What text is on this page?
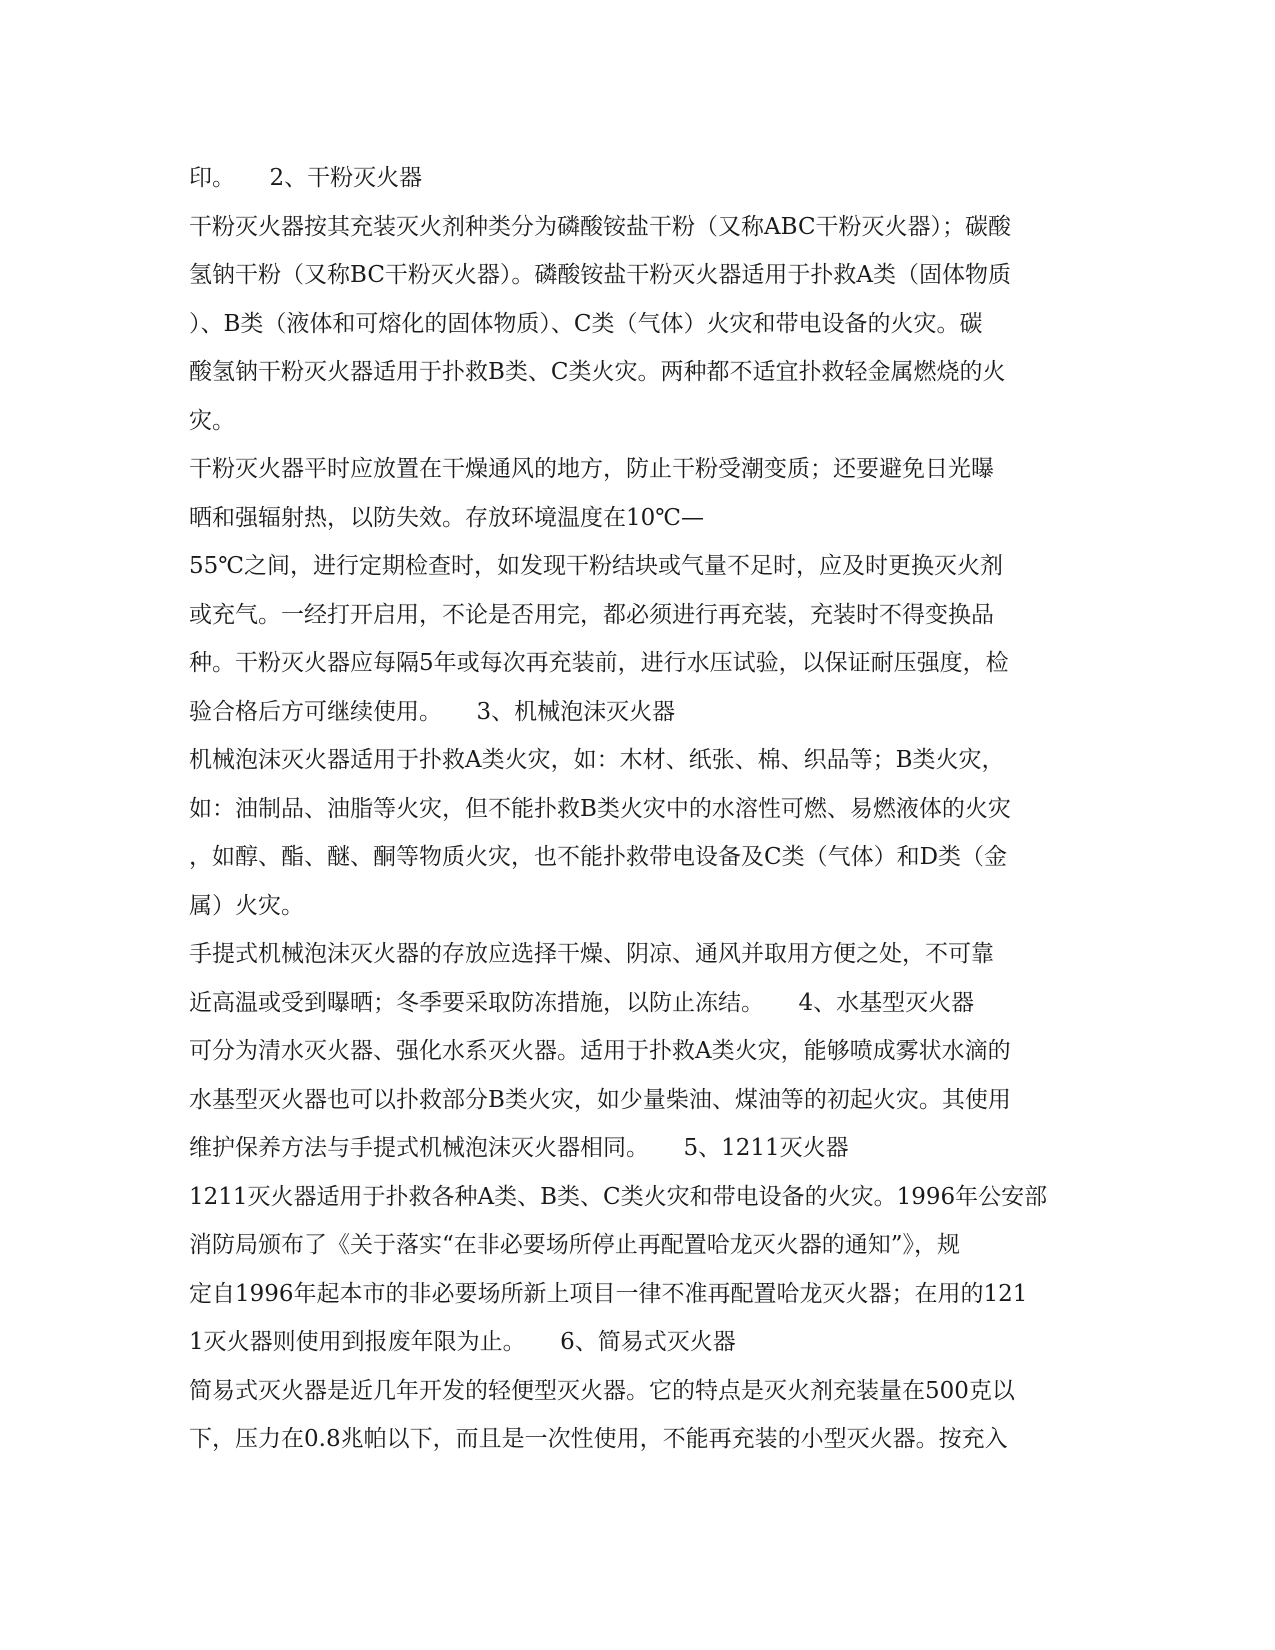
印。　　2、干粉灭火器
干粉灭火器按其充装灭火剂种类分为磷酸铵盐干粉（又称ABC干粉灭火器）；碳酸
氢钠干粉（又称BC干粉灭火器）。磷酸铵盐干粉灭火器适用于扑救A类（固体物质
）、B类（液体和可熔化的固体物质）、C类（气体）火灾和带电设备的火灾。碳
酸氢钠干粉灭火器适用于扑救B类、C类火灾。两种都不适宜扑救轻金属燃烧的火
灾。
干粉灭火器平时应放置在干燥通风的地方，防止干粉受潮变质；还要避免日光曝
晒和强辐射热，以防失效。存放环境温度在10℃—
55℃之间，进行定期检查时，如发现干粉结块或气量不足时，应及时更换灭火剂
或充气。一经打开启用，不论是否用完，都必须进行再充装，充装时不得变换品
种。干粉灭火器应每隔5年或每次再充装前，进行水压试验，以保证耐压强度，检
验合格后方可继续使用。　　3、机械泡沫灭火器
机械泡沫灭火器适用于扑救A类火灾，如：木材、纸张、棉、织品等；B类火灾，
如：油制品、油脂等火灾，但不能扑救B类火灾中的水溶性可燃、易燃液体的火灾
，如醇、酯、醚、酮等物质火灾，也不能扑救带电设备及C类（气体）和D类（金
属）火灾。
手提式机械泡沫灭火器的存放应选择干燥、阴凉、通风并取用方便之处，不可靠
近高温或受到曝晒；冬季要采取防冻措施，以防止冻结。　　4、水基型灭火器
可分为清水灭火器、强化水系灭火器。适用于扑救A类火灾，能够喷成雾状水滴的
水基型灭火器也可以扑救部分B类火灾，如少量柴油、煤油等的初起火灾。其使用
维护保养方法与手提式机械泡沫灭火器相同。　　5、1211灭火器
1211灭火器适用于扑救各种A类、B类、C类火灾和带电设备的火灾。1996年公安部
消防局颁布了《关于落实“在非必要场所停止再配置哈龙灭火器的通知”》，规
定自1996年起本市的非必要场所新上项目一律不准再配置哈龙灭火器；在用的121
1灭火器则使用到报废年限为止。　　6、简易式灭火器
简易式灭火器是近几年开发的轻便型灭火器。它的特点是灭火剂充装量在500克以
下，压力在0.8兆帕以下，而且是一次性使用，不能再充装的小型灭火器。按充入
